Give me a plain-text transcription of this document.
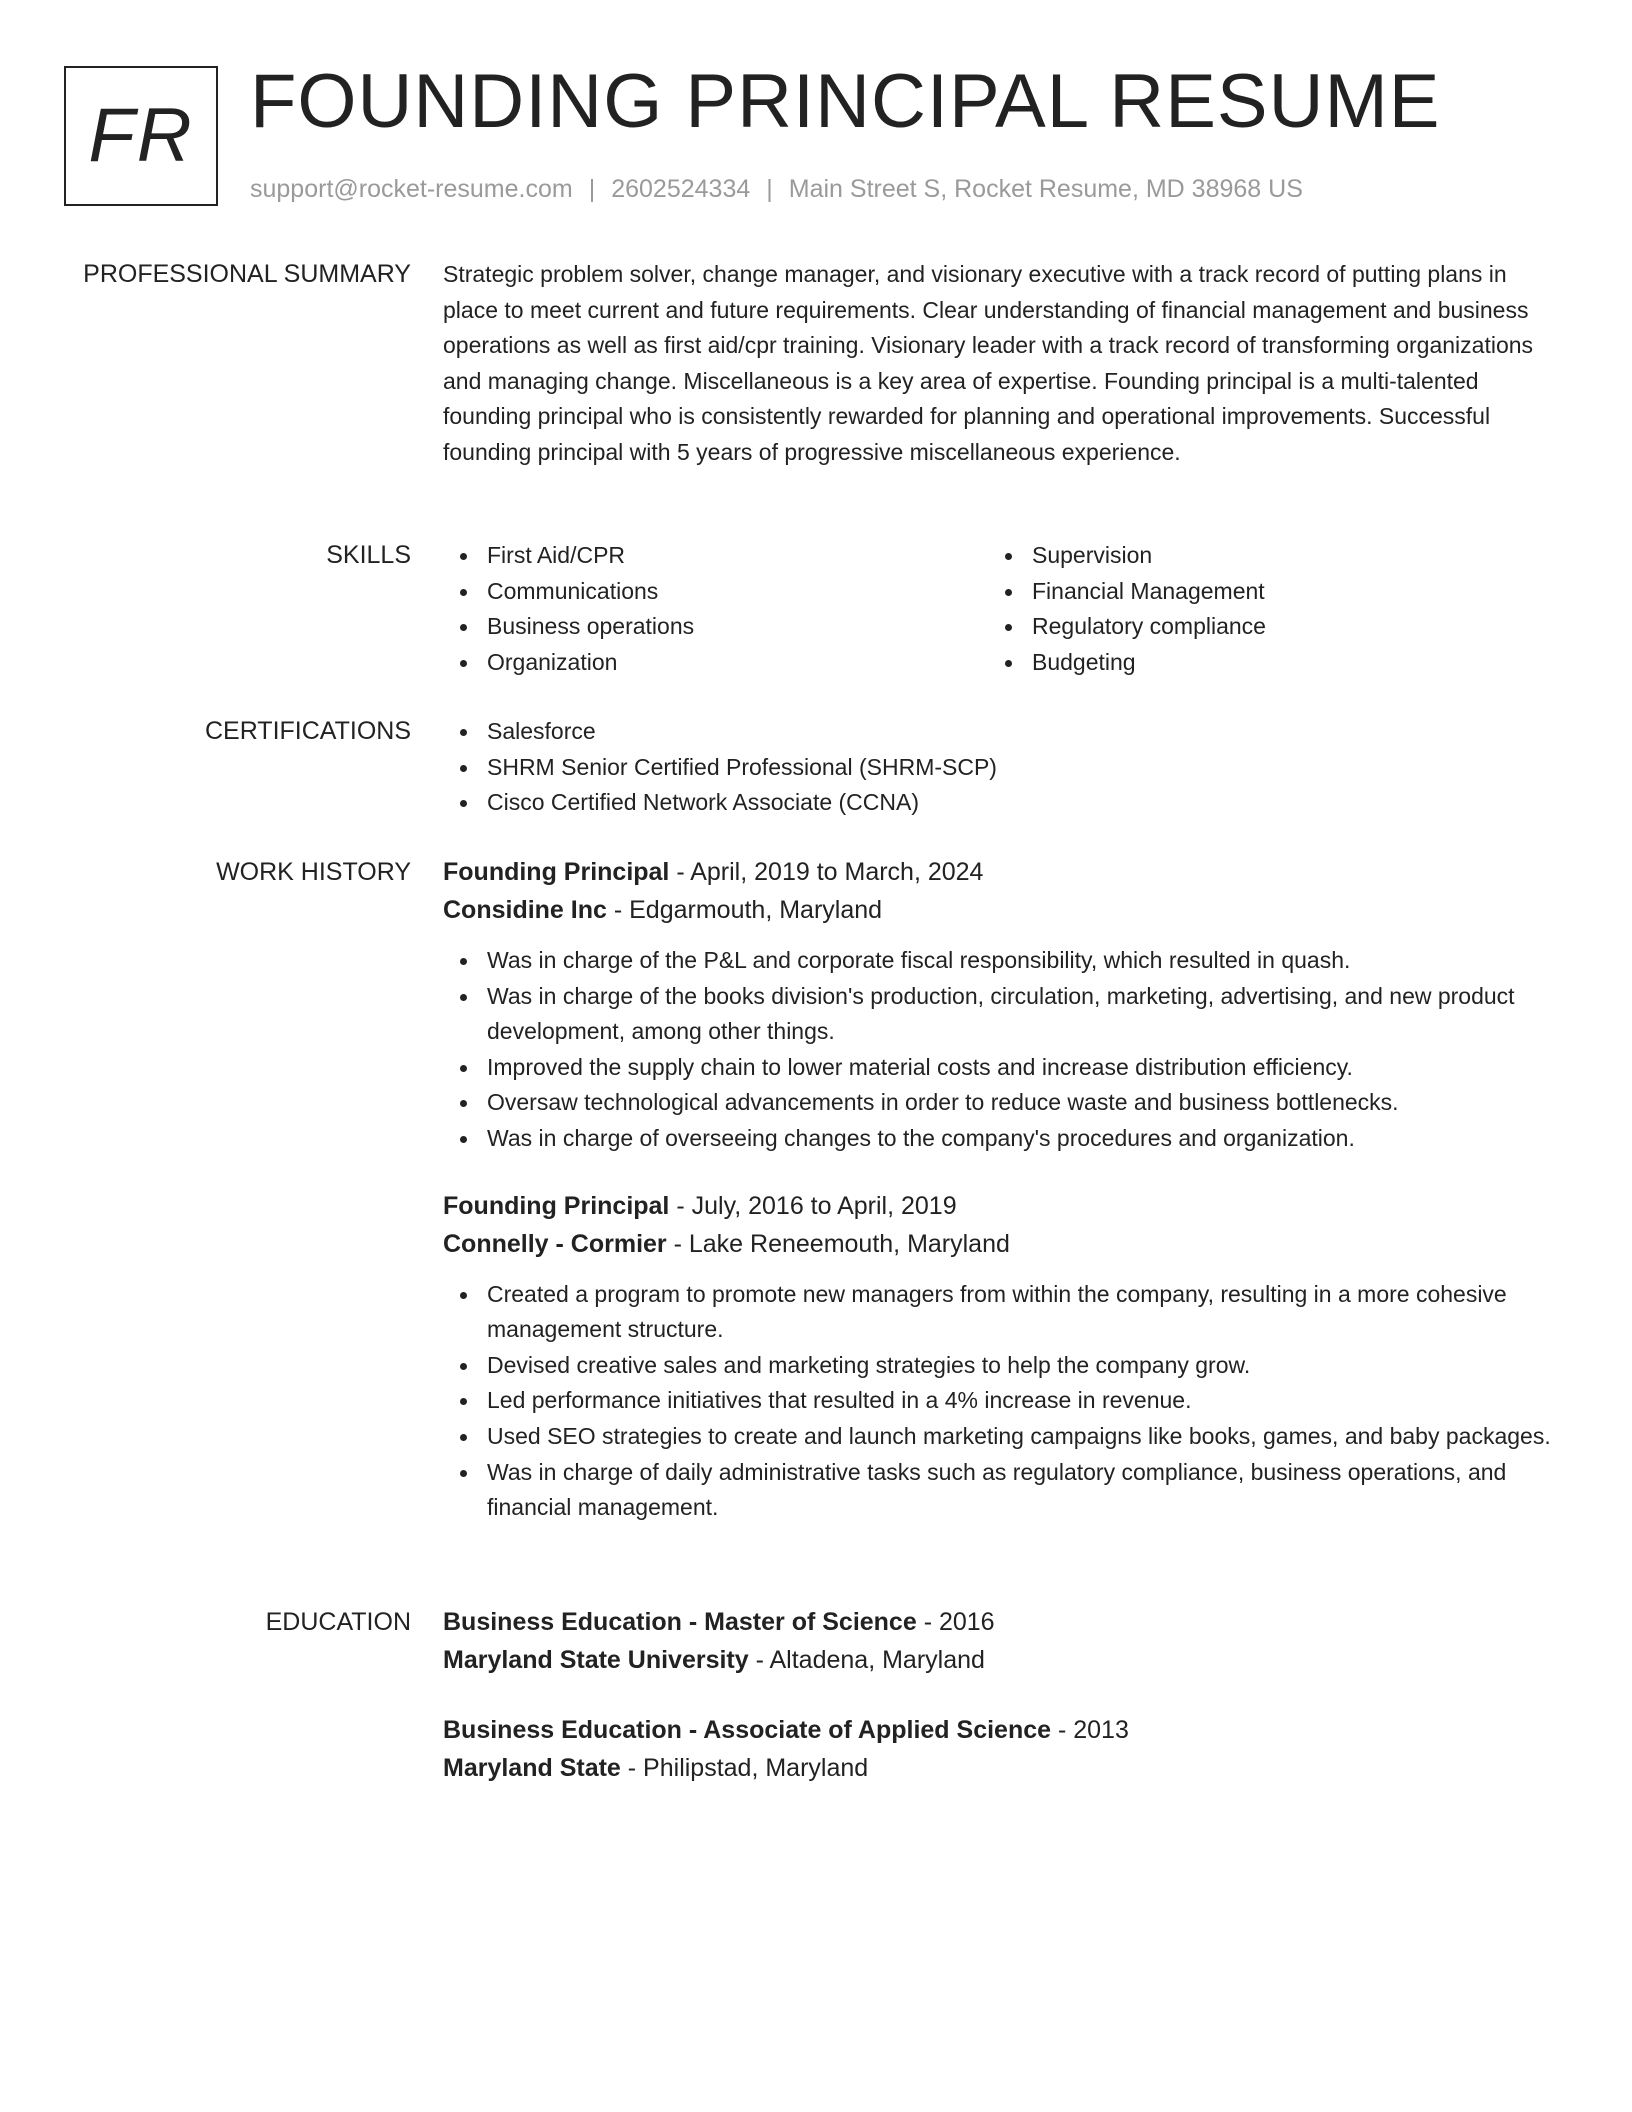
FR FOUNDING PRINCIPAL RESUME
support@rocket-resume.com | 2602524334 | Main Street S, Rocket Resume, MD 38968 US
PROFESSIONAL SUMMARY Strategic problem solver, change manager, and visionary executive with a track record of putting plans in place to meet current and future requirements. Clear understanding of financial management and business operations as well as first aid/cpr training. Visionary leader with a track record of transforming organizations and managing change. Miscellaneous is a key area of expertise. Founding principal is a multi-talented founding principal who is consistently rewarded for planning and operational improvements. Successful founding principal with 5 years of progressive miscellaneous experience.

SKILLS	First Aid/CPR
Communications
Business operations
Organization
Supervision
Financial Management
Regulatory compliance
Budgeting
CERTIFICATIONS	Salesforce
SHRM Senior Certified Professional (SHRM-SCP)
Cisco Certified Network Associate (CCNA)
WORK HISTORY Founding Principal - April, 2019 to March, 2024
Considine Inc - Edgarmouth, Maryland
Was in charge of the P&L and corporate fiscal responsibility, which resulted in quash.
Was in charge of the books division's production, circulation, marketing, advertising, and new product development, among other things.
Improved the supply chain to lower material costs and increase distribution efficiency.
Oversaw technological advancements in order to reduce waste and business bottlenecks.
Was in charge of overseeing changes to the company's procedures and organization.
Founding Principal - July, 2016 to April, 2019
Connelly - Cormier - Lake Reneemouth, Maryland
Created a program to promote new managers from within the company, resulting in a more cohesive management structure.
Devised creative sales and marketing strategies to help the company grow.
Led performance initiatives that resulted in a 4% increase in revenue.
Used SEO strategies to create and launch marketing campaigns like books, games, and baby packages.
Was in charge of daily administrative tasks such as regulatory compliance, business operations, and financial management.
EDUCATION Business Education - Master of Science - 2016
Maryland State University - Altadena, Maryland
Business Education - Associate of Applied Science - 2013
Maryland State - Philipstad, Maryland
